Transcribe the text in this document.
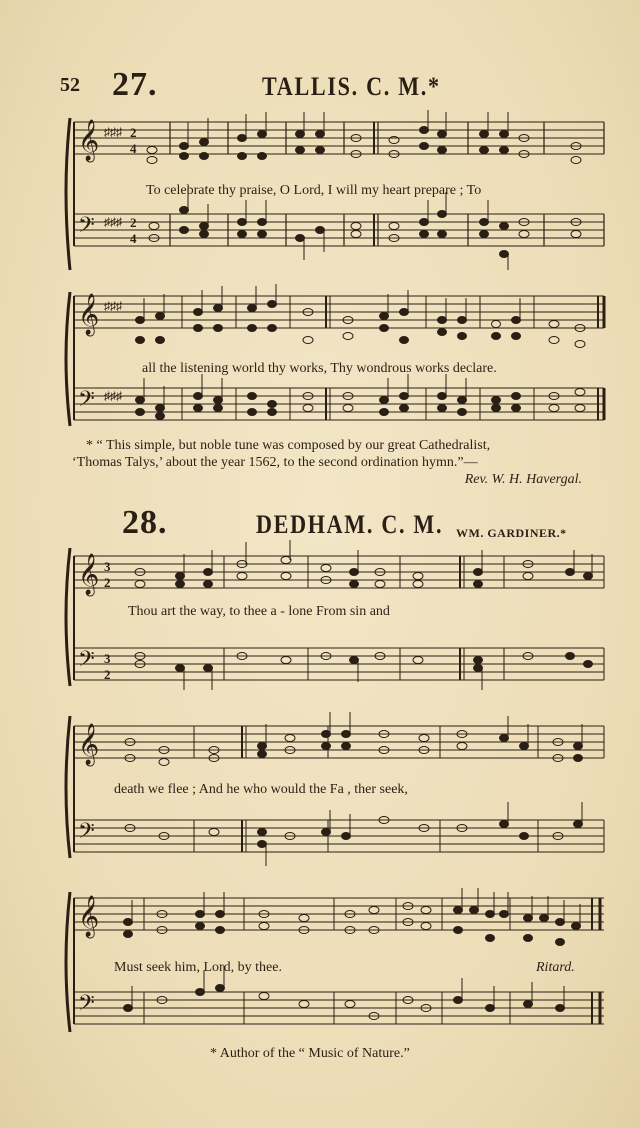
52 27.	TALLIS. C. M.*
𝄞
𝄢
♯♯♯
♯♯♯
2
4
2
4
To celebrate thy praise, O Lord, I will my heart prepare ; To
𝄞
𝄢
♯♯♯
♯♯♯
all the listening world thy works, Thy wondrous works declare.
* “ This simple, but noble tune was composed by our great Cathedralist,
‘Thomas Talys,’ about the year 1562, to the second ordination hymn.”—
Rev. W. H. Havergal.
28.	DEDHAM. C. M. WM. GARDINER.*
𝄞
𝄢
3
2
3
2
Thou art the way, to thee a - lone From sin and
𝄞
𝄢
death we flee ; And he who would the Fa , ther seek,
𝄞
𝄢
Must seek him, Lord, by thee.	Ritard.
* Author of the “ Music of Nature.”
